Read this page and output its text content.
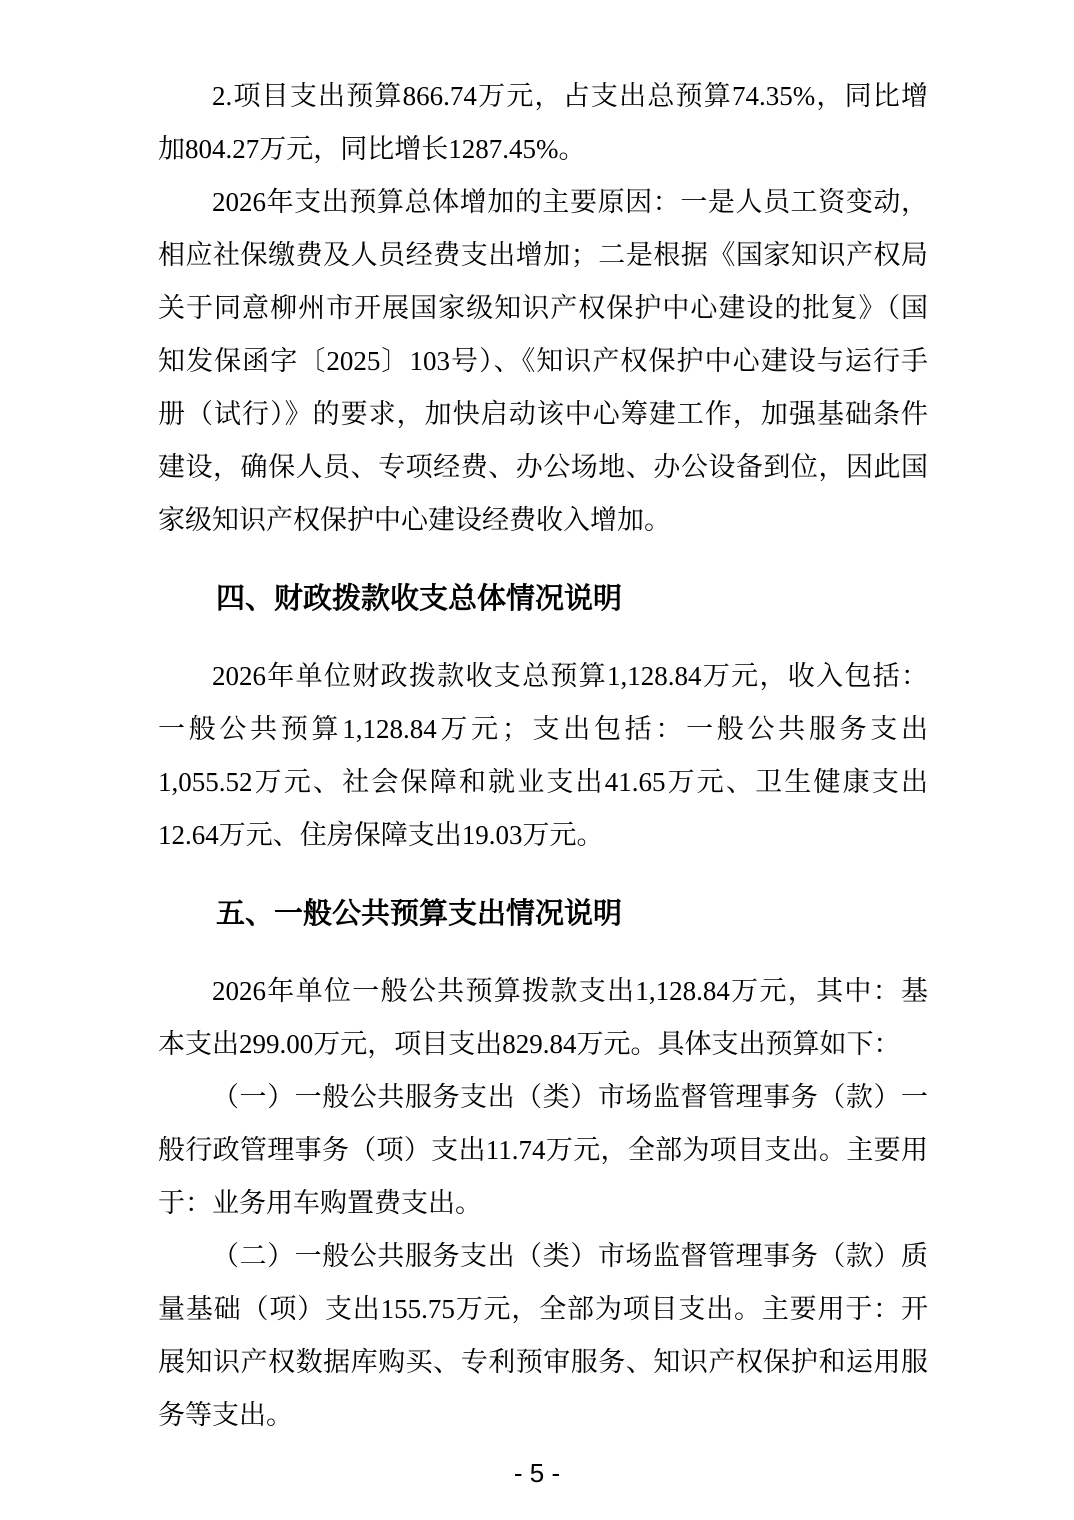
2.项目支出预算866.74万元，占支出总预算74.35%，同比增
加804.27万元，同比增长1287.45%。
2026年支出预算总体增加的主要原因：一是人员工资变动，
相应社保缴费及人员经费支出增加；二是根据《国家知识产权局
关于同意柳州市开展国家级知识产权保护中心建设的批复》（国
知发保函字〔2025〕103号）、《知识产权保护中心建设与运行手
册（试行）》的要求，加快启动该中心筹建工作，加强基础条件
建设，确保人员、专项经费、办公场地、办公设备到位，因此国
家级知识产权保护中心建设经费收入增加。
四、财政拨款收支总体情况说明
2026年单位财政拨款收支总预算1,128.84万元，收入包括：
一般公共预算1,128.84万元；支出包括：一般公共服务支出
1,055.52万元、社会保障和就业支出41.65万元、卫生健康支出
12.64万元、住房保障支出19.03万元。
五、一般公共预算支出情况说明
2026年单位一般公共预算拨款支出1,128.84万元，其中：基
本支出299.00万元，项目支出829.84万元。具体支出预算如下：
（一）一般公共服务支出（类）市场监督管理事务（款）一
般行政管理事务（项）支出11.74万元，全部为项目支出。主要用
于：业务用车购置费支出。
（二）一般公共服务支出（类）市场监督管理事务（款）质
量基础（项）支出155.75万元，全部为项目支出。主要用于：开
展知识产权数据库购买、专利预审服务、知识产权保护和运用服
务等支出。
- 5 -
